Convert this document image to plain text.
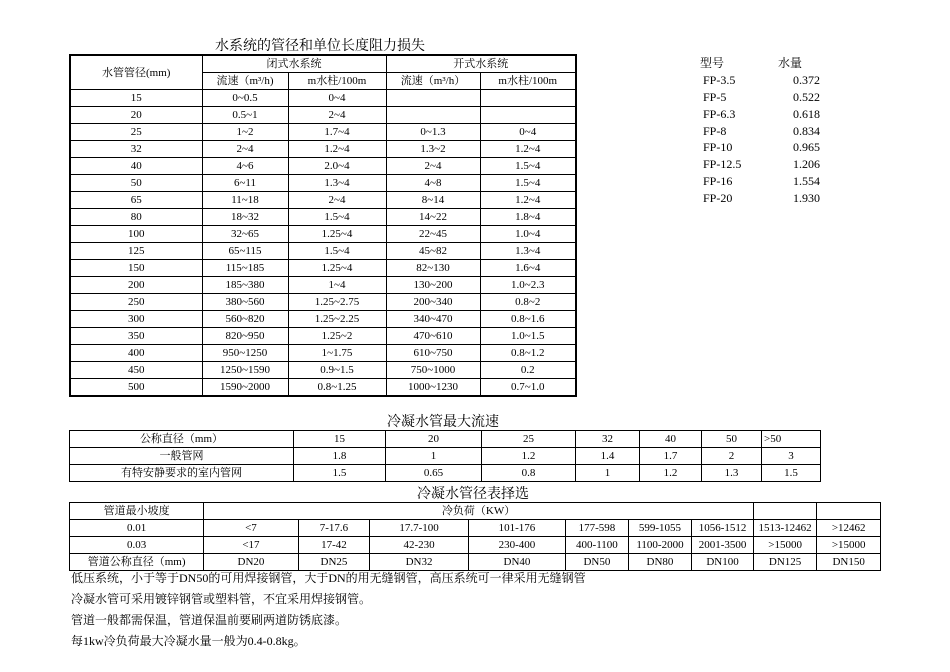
水系统的管径和单位长度阻力损失
水管管径(mm)	闭式水系统		开式水系统	
	流速（m³/h)	m水柱/100m	流速（m³/h）	m水柱/100m
15	0~0.5	0~4		
20	0.5~1	2~4		
25	1~2	1.7~4	0~1.3	0~4
32	2~4	1.2~4	1.3~2	1.2~4
40	4~6	2.0~4	2~4	1.5~4
50	6~11	1.3~4	4~8	1.5~4
65	11~18	2~4	8~14	1.2~4
80	18~32	1.5~4	14~22	1.8~4
100	32~65	1.25~4	22~45	1.0~4
125	65~115	1.5~4	45~82	1.3~4
150	115~185	1.25~4	82~130	1.6~4
200	185~380	1~4	130~200	1.0~2.3
250	380~560	1.25~2.75	200~340	0.8~2
300	560~820	1.25~2.25	340~470	0.8~1.6
350	820~950	1.25~2	470~610	1.0~1.5
400	950~1250	1~1.75	610~750	0.8~1.2
450	1250~1590	0.9~1.5	750~1000	0.2
500	1590~2000	0.8~1.25	1000~1230	0.7~1.0
型号	水量
FP-3.5	0.372
FP-5	0.522
FP-6.3	0.618
FP-8	0.834
FP-10	0.965
FP-12.5	1.206
FP-16	1.554
FP-20	1.930
冷凝水管最大流速
公称直径（mm）	15	20	25	32	40	50	>50
一般管网	1.8	1	1.2	1.4	1.7	2	3
有特安静要求的室内管网	1.5	0.65	0.8	1	1.2	1.3	1.5
冷凝水管径表择选
管道最小坡度	冷负荷（KW）								
0.01	<7	7-17.6	17.7-100	101-176	177-598	599-1055	1056-1512	1513-12462	>12462
0.03	<17	17-42	42-230	230-400	400-1100	1100-2000	2001-3500	>15000	>15000
管道公称直径（mm)	DN20	DN25	DN32	DN40	DN50	DN80	DN100	DN125	DN150
低压系统，小于等于DN50的可用焊接钢管，大于DN的用无缝钢管，高压系统可一律采用无缝钢管
冷凝水管可采用镀锌钢管或塑料管，不宜采用焊接钢管。
管道一般都需保温，管道保温前要刷两道防锈底漆。
每1kw冷负荷最大冷凝水量一般为0.4-0.8kg。
